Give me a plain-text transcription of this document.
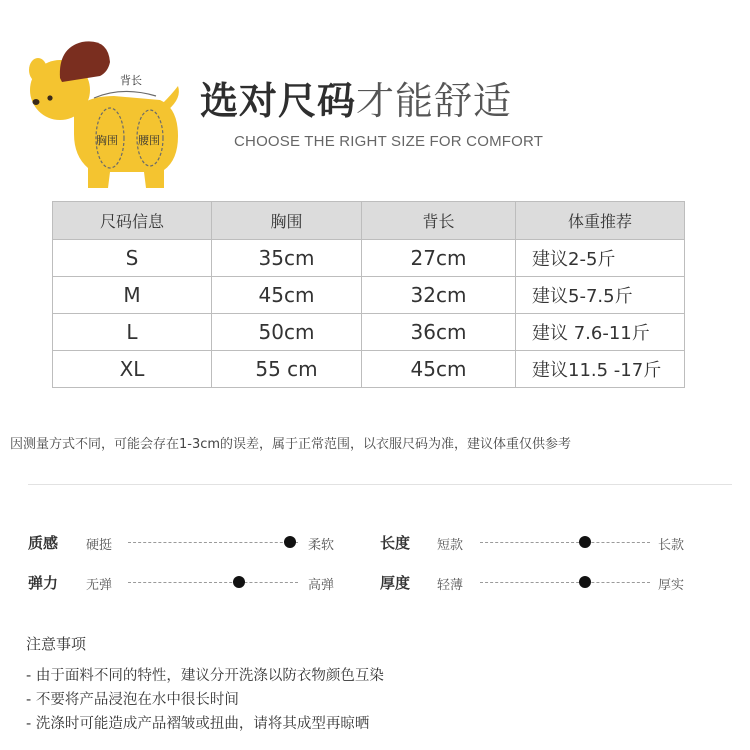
背长
胸围 腰围
选对尺码才能舒适
CHOOSE THE RIGHT SIZE FOR COMFORT
尺码信息	胸围	背长	体重推荐
S	35cm	27cm	建议2-5斤
M	45cm	32cm	建议5-7.5斤
L	50cm	36cm	建议 7.6-11斤
XL	55 cm	45cm	建议11.5 -17斤
因测量方式不同，可能会存在1-3cm的误差，属于正常范围，以衣服尺码为准，建议体重仅供参考
质感 硬挺	柔软	长度 短款	长款
弹力 无弹	高弹	厚度 轻薄	厚实
注意事项
- 由于面料不同的特性，建议分开洗涤以防衣物颜色互染
- 不要将产品浸泡在水中很长时间
- 洗涤时可能造成产品褶皱或扭曲，请将其成型再晾晒
